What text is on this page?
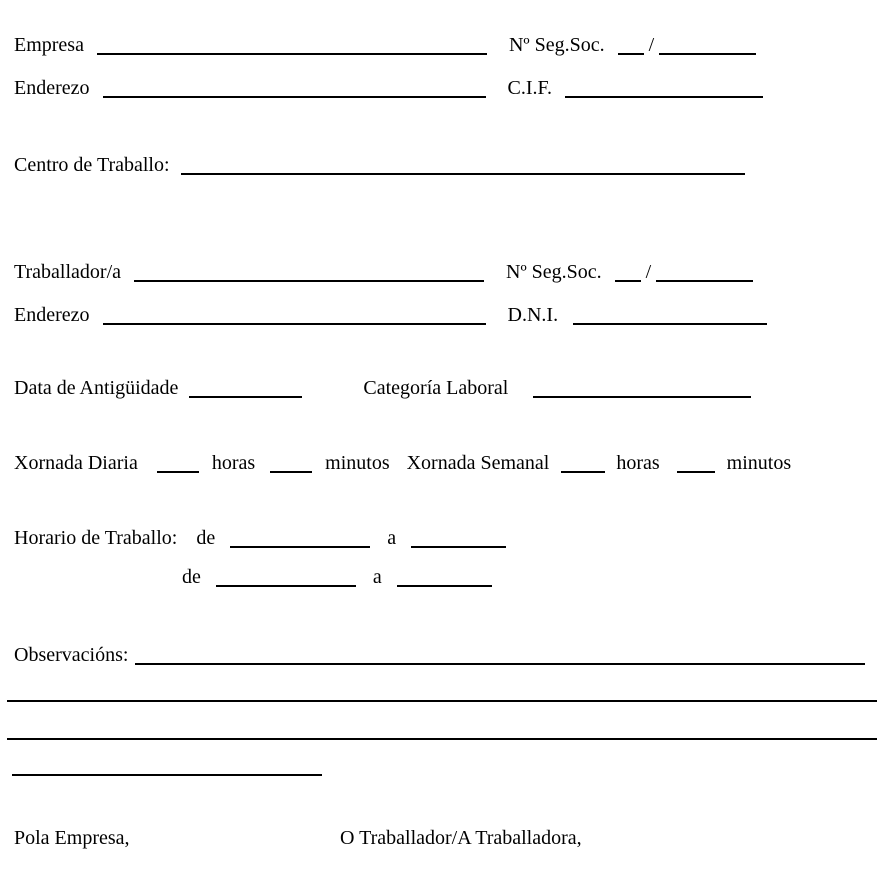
Empresa	Nº Seg.Soc. /
Enderezo	C.I.F.
Centro de Traballo:
Traballador/a	Nº Seg.Soc. /
Enderezo	D.N.I.
Data de Antigüidade	Categoría Laboral
Xornada Diaria	horas	minutos Xornada Semanal	horas	minutos
Horario de Traballo: de	a
de	a
Observacións:
Pola Empresa,	O Traballador/A Traballadora,
